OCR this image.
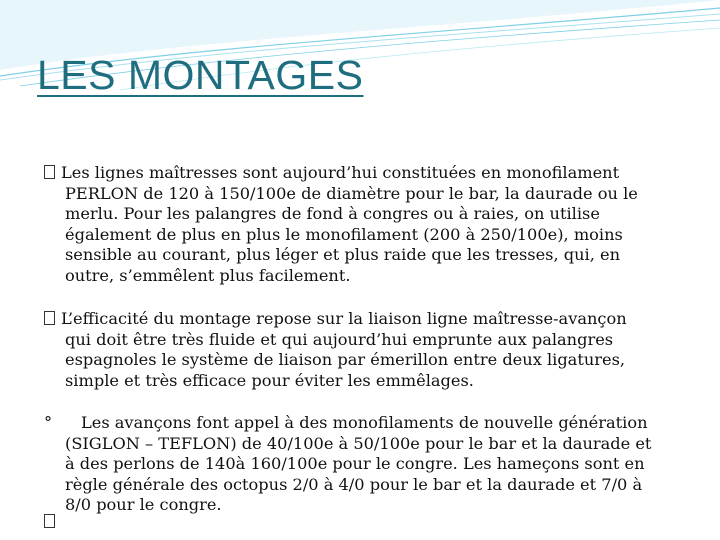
LES MONTAGES
Les lignes maîtresses sont aujourd’hui constituées en monofilament
PERLON de 120 à 150/100e de diamètre pour le bar, la daurade ou le
merlu. Pour les palangres de fond à congres ou à raies, on utilise
également de plus en plus le monofilament (200 à 250/100e), moins
sensible au courant, plus léger et plus raide que les tresses, qui, en
outre, s’emmêlent plus facilement.
L’efficacité du montage repose sur la liaison ligne maîtresse-avançon
qui doit être très fluide et qui aujourd’hui emprunte aux palangres
espagnoles le système de liaison par émerillon entre deux ligatures,
simple et très efficace pour éviter les emmêlages.
° Les avançons font appel à des monofilaments de nouvelle génération
(SIGLON – TEFLON) de 40/100e à 50/100e pour le bar et la daurade et
à des perlons de 140à 160/100e pour le congre. Les hameçons sont en
règle générale des octopus 2/0 à 4/0 pour le bar et la daurade et 7/0 à
8/0 pour le congre.
